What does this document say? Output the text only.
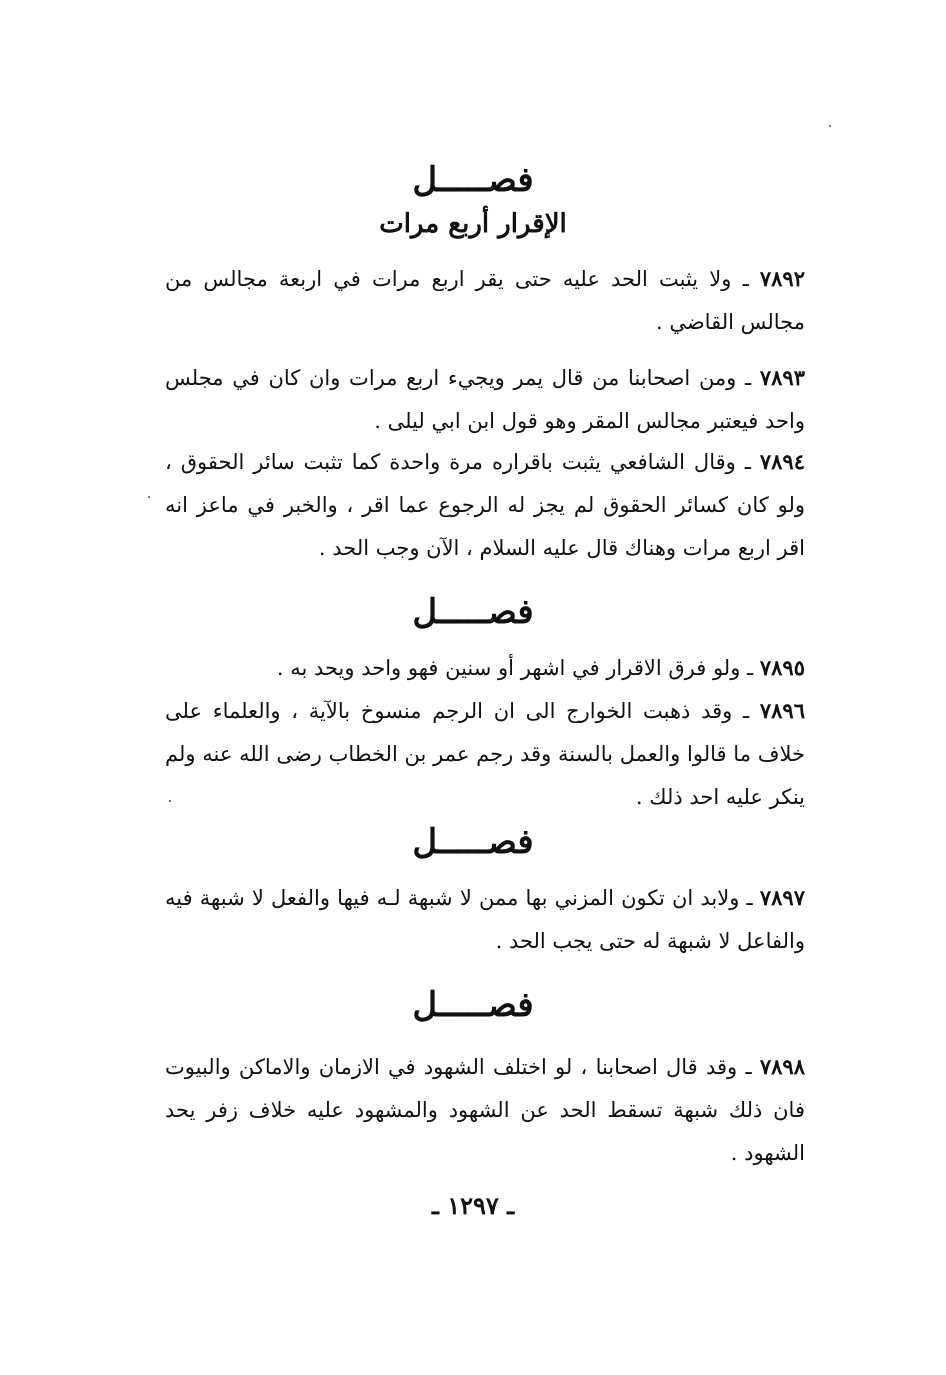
فصـــــل
الإقرار أربع مرات
٧٨٩٢ ـ ولا يثبت الحد عليه حتى يقر اربع مرات في اربعة مجالس من مجالس القاضي .
٧٨٩٣ ـ ومن اصحابنا من قال يمر ويجيء اربع مرات وان كان في مجلس واحد فيعتبر مجالس المقر وهو قول ابن ابي ليلى .
٧٨٩٤ ـ وقال الشافعي يثبت باقراره مرة واحدة كما تثبت سائر الحقوق ، ولو كان كسائر الحقوق لم يجز له الرجوع عما اقر ، والخبر في ماعز انه اقر اربع مرات وهناك قال عليه السلام ، الآن وجب الحد .
فصـــــل
٧٨٩٥ ـ ولو فرق الاقرار في اشهر أو سنين فهو واحد ويحد به .
٧٨٩٦ ـ وقد ذهبت الخوارج الى ان الرجم منسوخ بالآية ، والعلماء على خلاف ما قالوا والعمل بالسنة وقد رجم عمر بن الخطاب رضى الله عنه ولم ينكر عليه احد ذلك .
فصـــــل
٧٨٩٧ ـ ولابد ان تكون المزني بها ممن لا شبهة لـه فيها والفعل لا شبهة فيه والفاعل لا شبهة له حتى يجب الحد .
فصـــــل
٧٨٩٨ ـ وقد قال اصحابنا ، لو اختلف الشهود في الازمان والاماكن والبيوت فان ذلك شبهة تسقط الحد عن الشهود والمشهود عليه خلاف زفر يحد الشهود .
ـ ١٢٩٧ ـ
